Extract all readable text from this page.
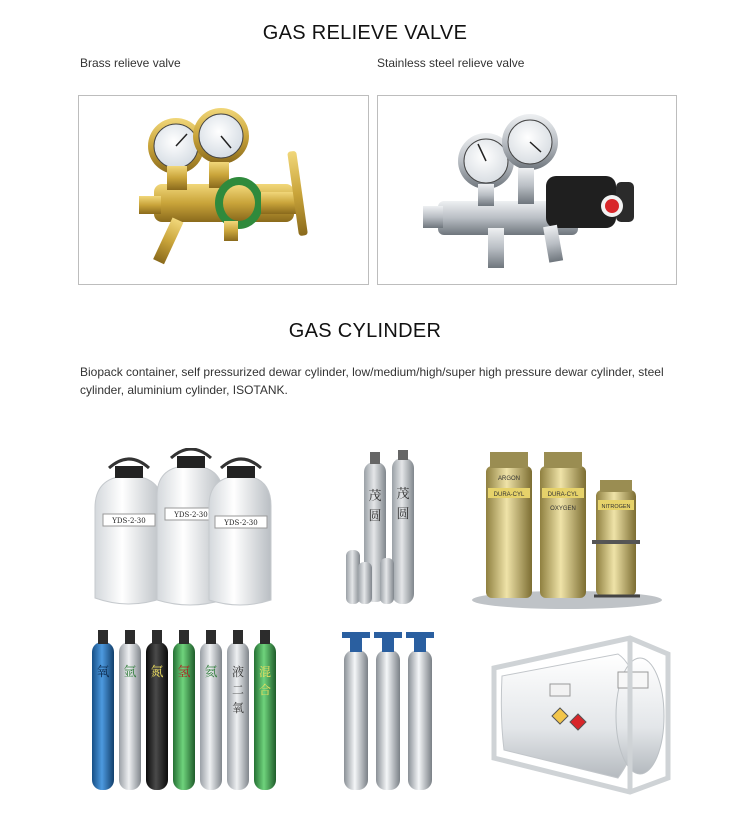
GAS RELIEVE VALVE
Brass relieve valve	Stainless steel relieve valve
GAS CYLINDER
Biopack container, self pressurized dewar cylinder, low/medium/high/super high pressure dewar cylinder, steel cylinder, aluminium cylinder, ISOTANK.
YDS-2-30
YDS-2-30
YDS-2-30
茂
圆
茂
圆
DURA-CYL
ARGON
DURA-CYL
OXYGEN	NITROGEN
氧 氩 氮 氢 氦 液
二
氧
混
合
